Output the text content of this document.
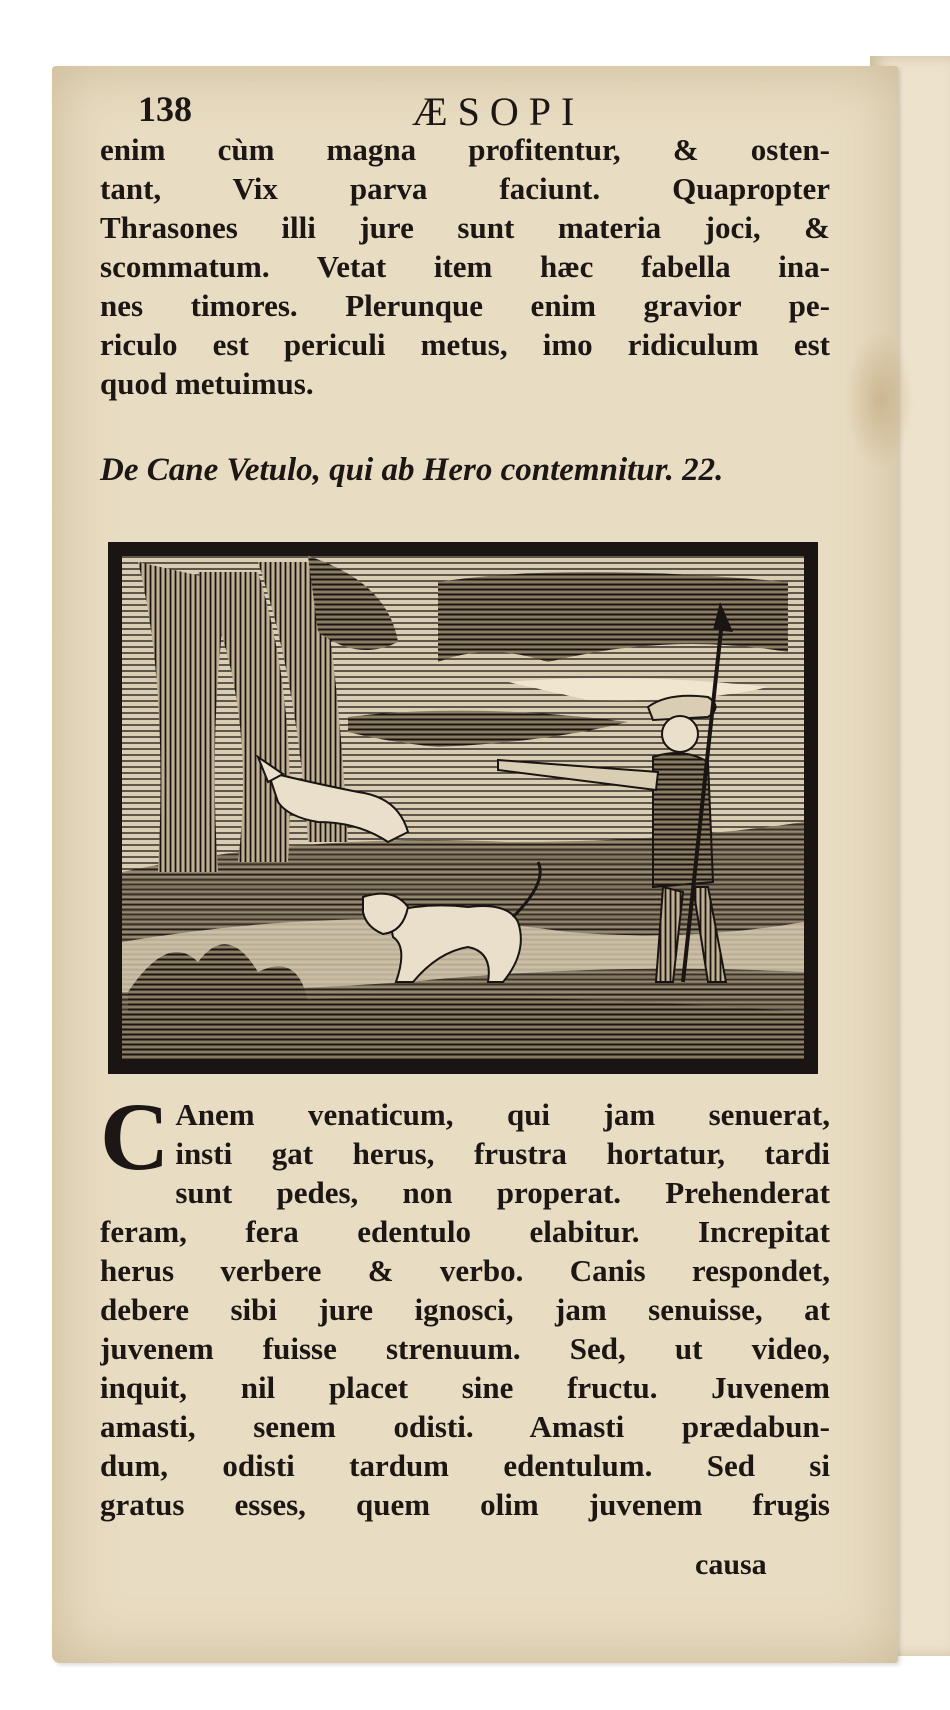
138	ÆSOPI
enim cùm magna profitentur, & osten-
tant, Vix parva faciunt. Quapropter
Thrasones illi jure sunt materia joci, &
scommatum. Vetat item hæc fabella ina-
nes timores. Plerunque enim gravior pe-
riculo est periculi metus, imo ridiculum est
quod metuimus.
De Cane Vetulo, qui ab Hero contemnitur. 22.
C Anem venaticum, qui jam senuerat,
insti gat herus, frustra hortatur, tardi
sunt pedes, non properat. Prehenderat
feram, fera edentulo elabitur. Increpitat
herus verbere & verbo. Canis respondet,
debere sibi jure ignosci, jam senuisse, at
juvenem fuisse strenuum. Sed, ut video,
inquit, nil placet sine fructu. Juvenem
amasti, senem odisti. Amasti prædabun-
dum, odisti tardum edentulum. Sed si
gratus esses, quem olim juvenem frugis
causa
